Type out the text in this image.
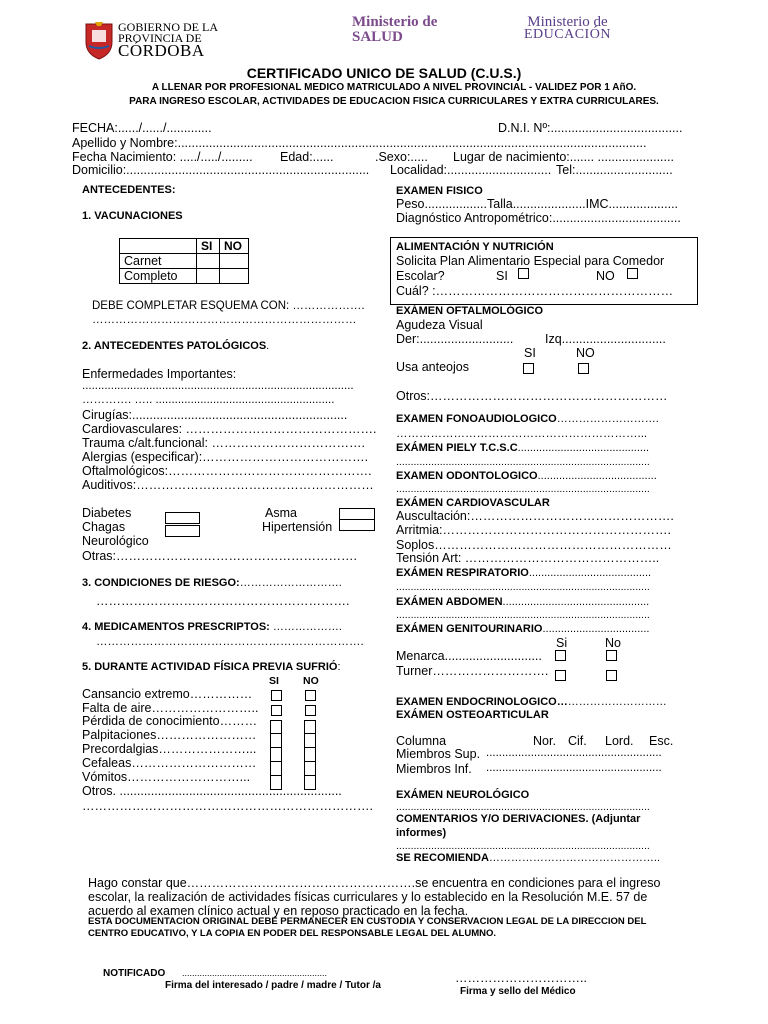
GOBIERNO DE LA
PROVINCIA DE
CÓRDOBA
Ministerio de
SALUD
Ministerio de
EDUCACIÓN
CERTIFICADO UNICO DE SALUD (C.U.S.)
A LLENAR POR PROFESIONAL MEDICO MATRICULADO A NIVEL PROVINCIAL - VALIDEZ POR 1 AñO.
PARA INGRESO ESCOLAR, ACTIVIDADES DE EDUCACION FISICA CURRICULARES Y EXTRA CURRICULARES.
FECHA:....../....../.............	D.N.I. Nº:......................................
Apellido y Nombre:.......................................................................................................................................
Fecha Nacimiento: ...../...../......... Edad:......	.Sexo:..... Lugar de nacimiento:....... ......................
Domicilio:...................................................................... Localidad:.............................. Tel:............................
ANTECEDENTES:
1. VACUNACIONES
	SI	NO
Carnet		
Completo		
DEBE COMPLETAR ESQUEMA CON: ……………….
……………………………………………………………
2. ANTECEDENTES PATOLÓGICOS.
Enfermedades Importantes:
.....................................................................................
…………. ….. ........................................................
Cirugías:..............................................................
Cardiovasculares: ……………………………………….
Trauma c/alt.funcional: ……………………………….
Alergias (especificar):………………………………….
Oftalmológicos:………………………………………….
Auditivos:…………………………………………………
Diabetes
Chagas
Neurológico
Asma
Hipertensión
Otras:………………………………………………….
3. CONDICIONES DE RIESGO:……………………….
…………………………………………………….
4. MEDICAMENTOS PRESCRIPTOS: ……………….
…………………………………………………………….
5. DURANTE ACTIVIDAD FÍSICA PREVIA SUFRIÓ:
SI NO
Cansancio extremo……………
Falta de aire……………………..
Pérdida de conocimiento………
Palpitaciones……………………
Precordalgias…………………...
Cefaleas…………………………
Vómitos………………………...
Otros. ................................................................
…………………………………………………………….
EXAMEN FISICO
Peso..................Talla.....................IMC....................
Diagnóstico Antropométrico:.....................................
ALIMENTACIÓN Y NUTRICIÓN
Solicita Plan Alimentario Especial para Comedor
Escolar?	SI	NO
Cuál? :…………………………………………………
EXÁMEN OFTALMOLÓGICO
Agudeza Visual
Der:...........................	Izq..............................
SI	NO
Usa anteojos
Otros:…………………………………………………
EXAMEN FONOAUDIOLOGICO……………………….
………………………………………………………...
EXÁMEN PIELY T.C.S.C...........................................
.......................................................................................
EXAMEN ODONTOLOGICO.......................................
.......................................................................................
EXÁMEN CARDIOVASCULAR
Auscultación:………………………………………….
Arritmia:……………………………………………….
Soplos…………………………………………………
Tensión Art: ………………………………………..
EXÁMEN RESPIRATORIO........................................
.......................................................................................
EXÁMEN ABDOMEN................................................
.......................................................................................
EXÁMEN GENITOURINARIO...................................
Si	No
Menarca............................
Turner……………………….
EXAMEN ENDOCRINOLOGICO…………………………
EXÁMEN OSTEOARTICULAR
Columna	Nor. Cif. Lord. Esc.
Miembros Sup. .......................................................
Miembros Inf. .......................................................
EXÁMEN NEUROLÓGICO
.......................................................................................
COMENTARIOS Y/O DERIVACIONES. (Adjuntar
informes)
.......................................................................................
SE RECOMIENDA………………………………………..
Hago constar que……………………………………………….se encuentra en condiciones para el ingreso
escolar, la realización de actividades físicas curriculares y lo establecido en la Resolución M.E. 57 de
acuerdo al examen clínico actual y en reposo practicado en la fecha.
ESTA DOCUMENTACION ORIGINAL DEBE PERMANECER EN CUSTODIA Y CONSERVACION LEGAL DE LA DIRECCION DEL
CENTRO EDUCATIVO, Y LA COPIA EN PODER DEL RESPONSABLE LEGAL DEL ALUMNO.
NOTIFICADO ..........................................................
Firma del interesado / padre / madre / Tutor /a
…………………………..
Firma y sello del Médico
